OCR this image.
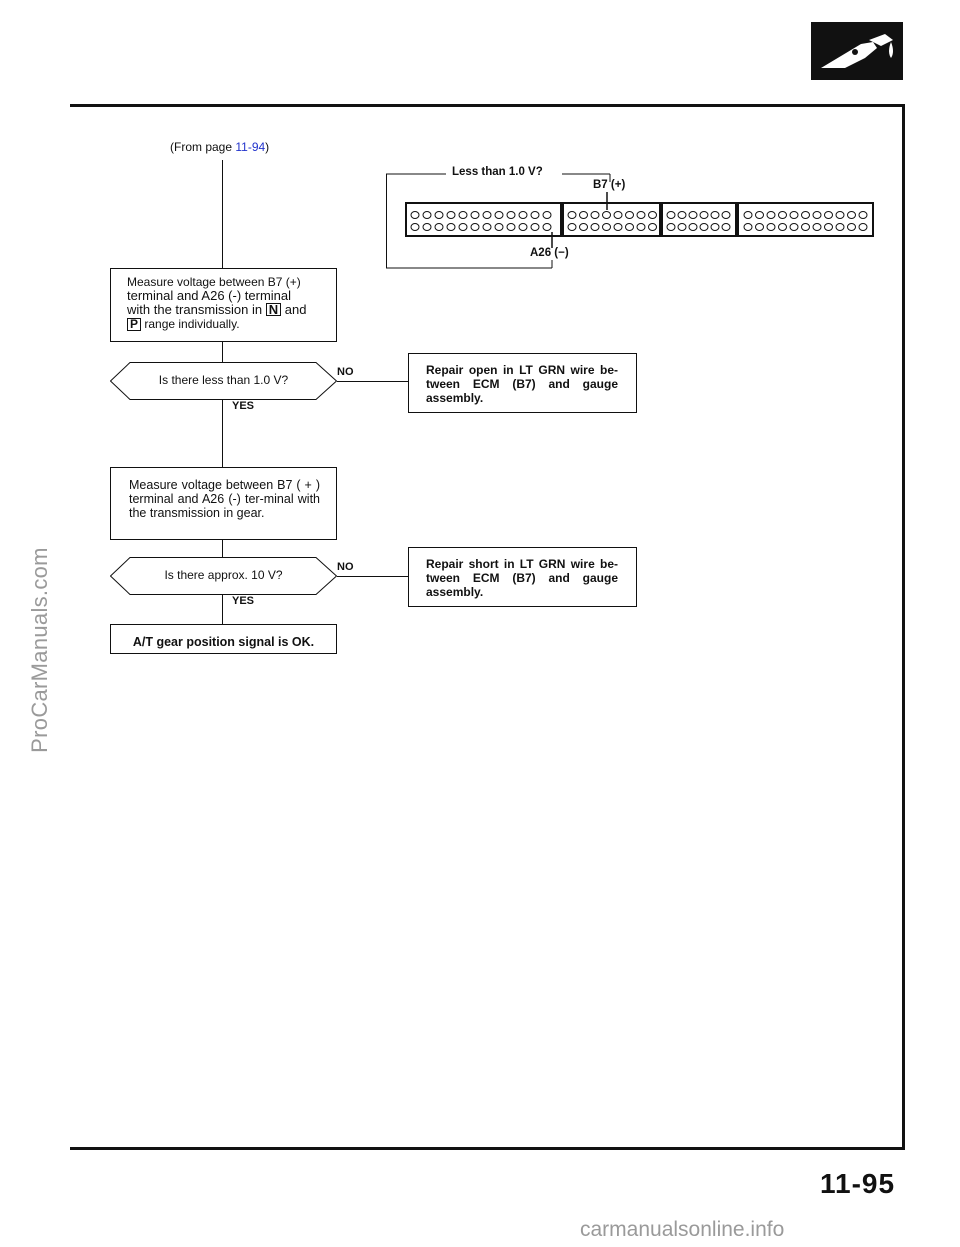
ProCarManuals.com
(From page 11-94)
Measure voltage between B7 (+)
terminal and A26 (-) terminal
with the transmission in N and
P range individually.
Is there less than 1.0 V?
NO
YES
Repair open in LT GRN wire be-tween ECM (B7) and gauge assembly.
Measure voltage between B7 ( + ) terminal and A26 (-) ter-minal with the transmission in gear.
Is there approx. 10 V?
NO
YES
Repair short in LT GRN wire be-tween ECM (B7) and gauge assembly.
A/T gear position signal is OK.
Less than 1.0 V?
B7 (+)
A26 (−)
11-95
carmanualsonline.info
